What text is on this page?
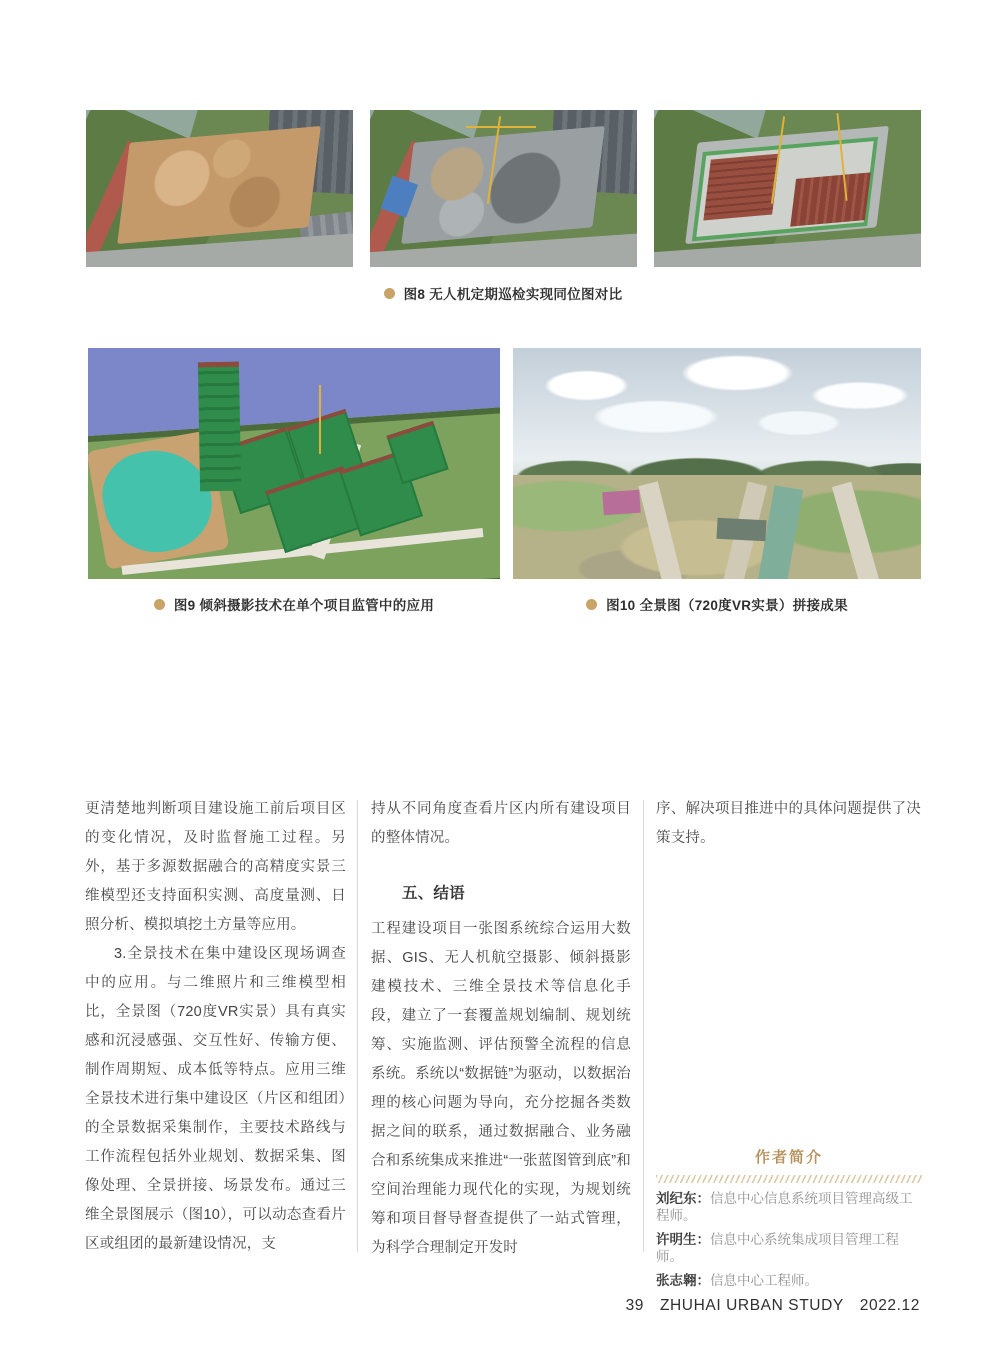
图8 无人机定期巡检实现同位图对比
图9 倾斜摄影技术在单个项目监管中的应用	图10 全景图（720度VR实景）拼接成果

更清楚地判断项目建设施工前后项目区的变化情况，及时监督施工过程。另外，基于多源数据融合的高精度实景三维模型还支持面积实测、高度量测、日照分析、模拟填挖土方量等应用。

3.全景技术在集中建设区现场调查中的应用。与二维照片和三维模型相比，全景图（720度VR实景）具有真实感和沉浸感强、交互性好、传输方便、制作周期短、成本低等特点。应用三维全景技术进行集中建设区（片区和组团）的全景数据采集制作，主要技术路线与工作流程包括外业规划、数据采集、图像处理、全景拼接、场景发布。通过三维全景图展示（图10），可以动态查看片区或组团的最新建设情况，支

持从不同角度查看片区内所有建设项目的整体情况。

五、结语

工程建设项目一张图系统综合运用大数据、GIS、无人机航空摄影、倾斜摄影建模技术、三维全景技术等信息化手段，建立了一套覆盖规划编制、规划统筹、实施监测、评估预警全流程的信息系统。系统以“数据链”为驱动，以数据治理的核心问题为导向，充分挖掘各类数据之间的联系，通过数据融合、业务融合和系统集成来推进“一张蓝图管到底”和空间治理能力现代化的实现，为规划统筹和项目督导督查提供了一站式管理，为科学合理制定开发时

序、解决项目推进中的具体问题提供了决策支持。

作者简介
刘纪东：信息中心信息系统项目管理高级工程师。
许明生：信息中心系统集成项目管理工程师。
张志翱：信息中心工程师。
39 ZHUHAI URBAN STUDY 2022.12
